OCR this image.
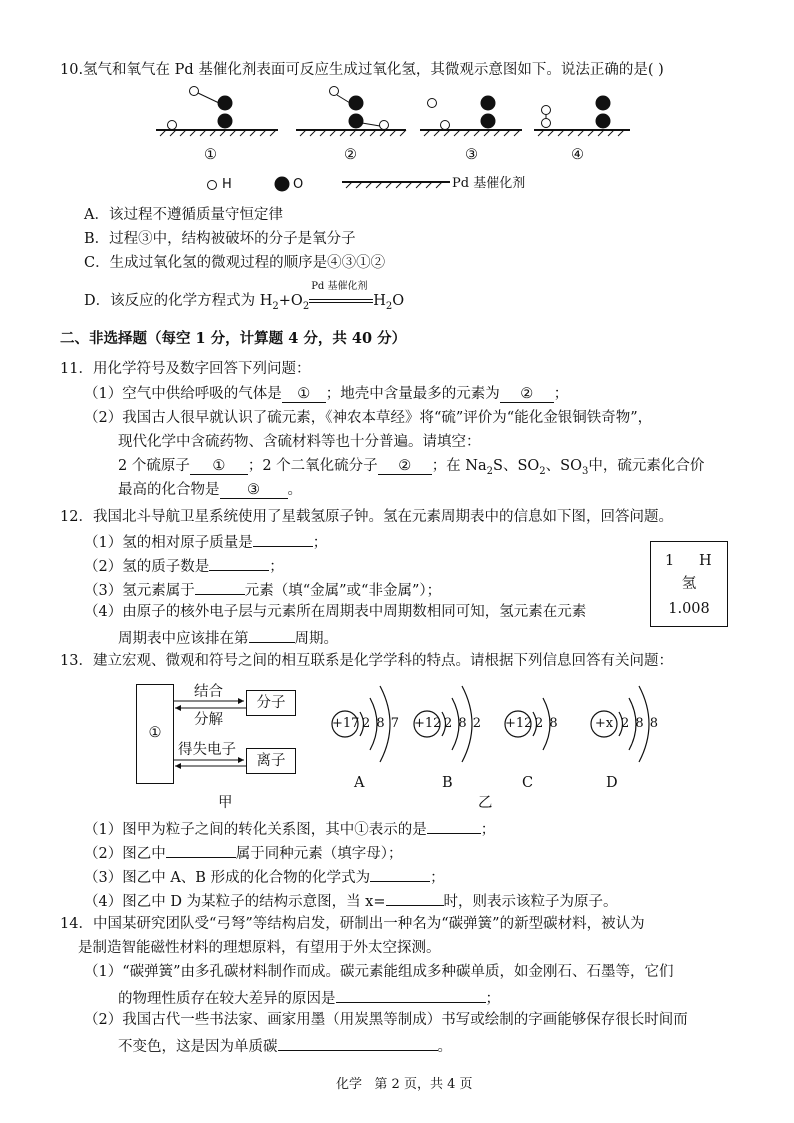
10.氢气和氧气在 Pd 基催化剂表面可反应生成过氧化氢，其微观示意图如下。说法正确的是( )
①	②	③	④
H	O	Pd 基催化剂
A．该过程不遵循质量守恒定律
B．过程③中，结构被破坏的分子是氧分子
C．生成过氧化氢的微观过程的顺序是④③①②
D．该反应的化学方程式为 $H_2+O_2$
Pd 基催化剂
$H_2O$
二、非选择题（每空 1 分，计算题 4 分，共 40 分）
11．用化学符号及数字回答下列问题：
（1）空气中供给呼吸的气体是 ① ；地壳中含量最多的元素为 ② ；
（2）我国古人很早就认识了硫元素，《神农本草经》将“硫”评价为“能化金银铜铁奇物”，
现代化学中含硫药物、含硫材料等也十分普遍。请填空：
2 个硫原子 ① ；2 个二氧化硫分子 ② ；在 $Na_2S$、$SO_2$、$SO_3$中，硫元素化合价
最高的化合物是 ③ 。
12．我国北斗导航卫星系统使用了星载氢原子钟。氢在元素周期表中的信息如下图，回答问题。
（1）氢的相对原子质量是	；
（2）氢的质子数是	；
（3）氢元素属于	元素（填“金属”或“非金属”）；
（4）由原子的核外电子层与元素所在周期表中周期数相同可知，氢元素在元素
周期表中应该排在第	周期。
1 H
氢
1.008
13．建立宏观、微观和符号之间的相互联系是化学学科的特点。请根据下列信息回答有关问题：
①
分子
离子
结合
分解
得失电子
甲
+17 2 8 7
A
+12 2 8 2
B
+12 2 8
C
+x 2 8 8
D
乙
（1）图甲为粒子之间的转化关系图，其中①表示的是	；
（2）图乙中	属于同种元素（填字母）；
（3）图乙中 A、B 形成的化合物的化学式为	；
（4）图乙中 D 为某粒子的结构示意图，当 x=	时，则表示该粒子为原子。
14．中国某研究团队受“弓弩”等结构启发，研制出一种名为“碳弹簧”的新型碳材料，被认为
是制造智能磁性材料的理想原料，有望用于外太空探测。
（1）“碳弹簧”由多孔碳材料制作而成。碳元素能组成多种碳单质，如金刚石、石墨等，它们
的物理性质存在较大差异的原因是	；
（2）我国古代一些书法家、画家用墨（用炭黑等制成）书写或绘制的字画能够保存很长时间而
不变色，这是因为单质碳	。
化学 第 2 页，共 4 页
